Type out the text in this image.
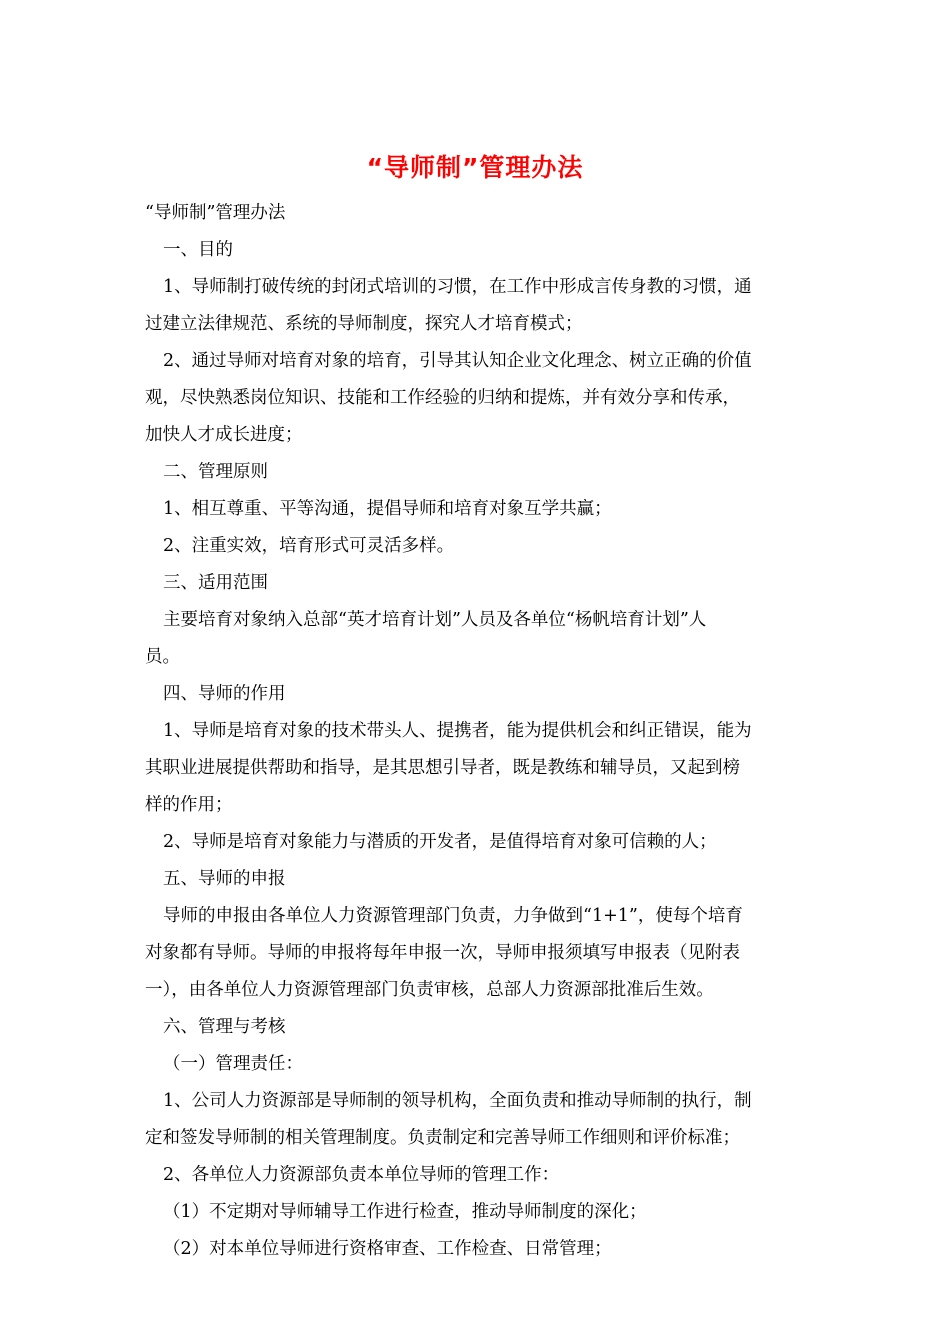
“导师制”管理办法
“导师制”管理办法
一、目的
1、导师制打破传统的封闭式培训的习惯，在工作中形成言传身教的习惯，通
过建立法律规范、系统的导师制度，探究人才培育模式；
2、通过导师对培育对象的培育，引导其认知企业文化理念、树立正确的价值
观，尽快熟悉岗位知识、技能和工作经验的归纳和提炼，并有效分享和传承，
加快人才成长进度；
二、管理原则
1、相互尊重、平等沟通，提倡导师和培育对象互学共赢；
2、注重实效，培育形式可灵活多样。
三、适用范围
主要培育对象纳入总部“英才培育计划”人员及各单位“杨帆培育计划”人
员。
四、导师的作用
1、导师是培育对象的技术带头人、提携者，能为提供机会和纠正错误，能为
其职业进展提供帮助和指导，是其思想引导者，既是教练和辅导员，又起到榜
样的作用；
2、导师是培育对象能力与潜质的开发者，是值得培育对象可信赖的人；
五、导师的申报
导师的申报由各单位人力资源管理部门负责，力争做到“1+1”，使每个培育
对象都有导师。导师的申报将每年申报一次，导师申报须填写申报表（见附表
一），由各单位人力资源管理部门负责审核，总部人力资源部批准后生效。
六、管理与考核
（一）管理责任：
1、公司人力资源部是导师制的领导机构，全面负责和推动导师制的执行，制
定和签发导师制的相关管理制度。负责制定和完善导师工作细则和评价标准；
2、各单位人力资源部负责本单位导师的管理工作：
（1）不定期对导师辅导工作进行检查，推动导师制度的深化；
（2）对本单位导师进行资格审查、工作检查、日常管理；
